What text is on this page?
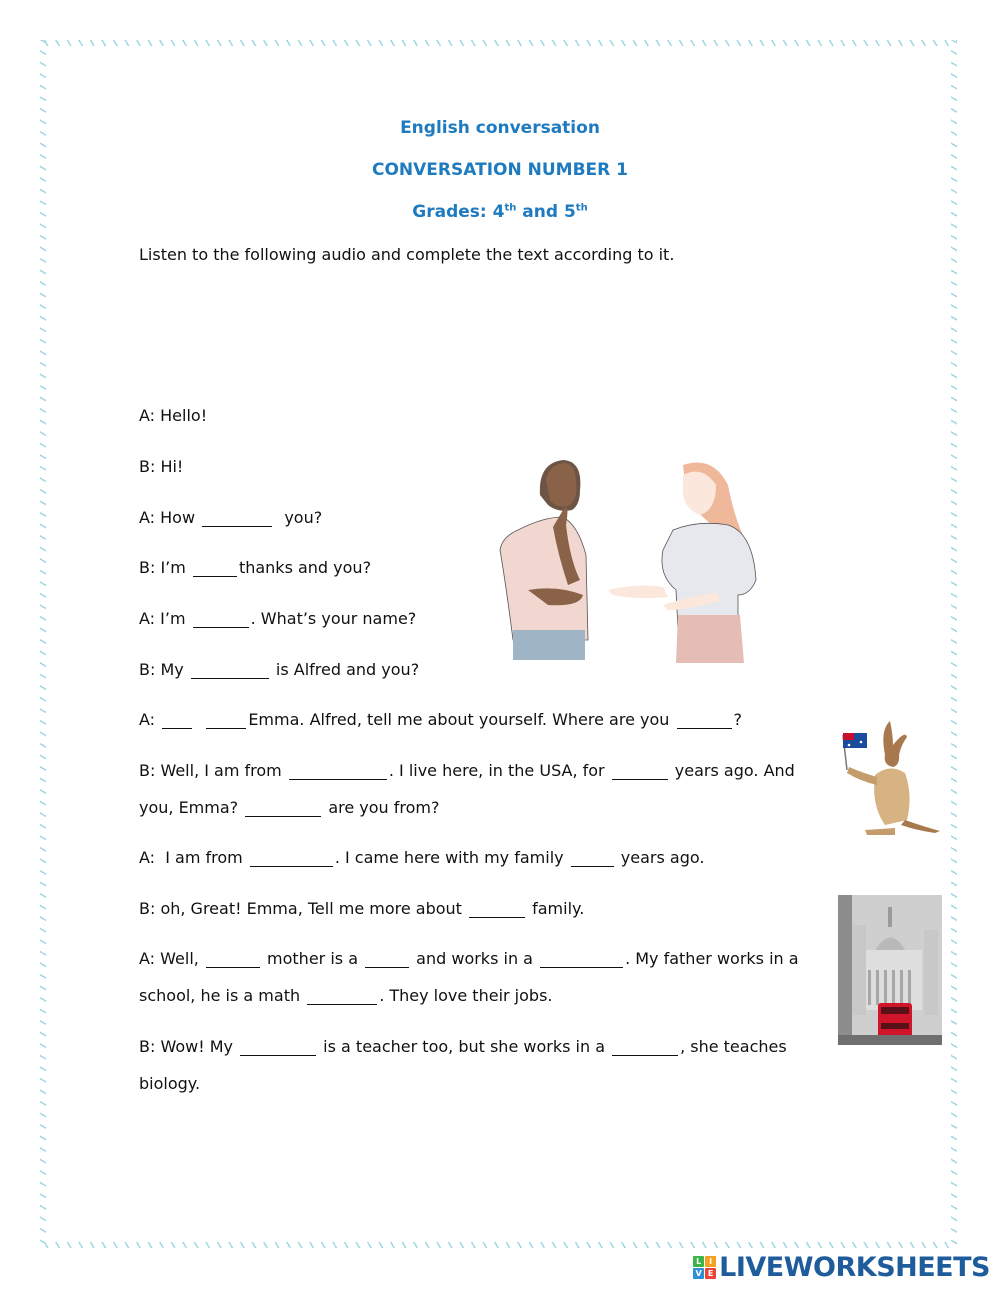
English conversation
CONVERSATION NUMBER 1
Grades: 4th and 5th
Listen to the following audio and complete the text according to it.
A: Hello!
B: Hi!
A: How	you?
B: I’m	thanks and you?
A: I’m	. What’s your name?
B: My	is Alfred and you?
A:	Emma. Alfred, tell me about yourself. Where are you	?
B: Well, I am from	. I live here, in the USA, for	years ago. And
you, Emma?	are you from?
A:  I am from	. I came here with my family	years ago.
B: oh, Great! Emma, Tell me more about	family.
A: Well,	mother is a	and works in a	. My father works in a
school, he is a math	. They love their jobs.
B: Wow! My	is a teacher too, but she works in a	, she teaches
biology.
L I
V E LIVEWORKSHEETS
